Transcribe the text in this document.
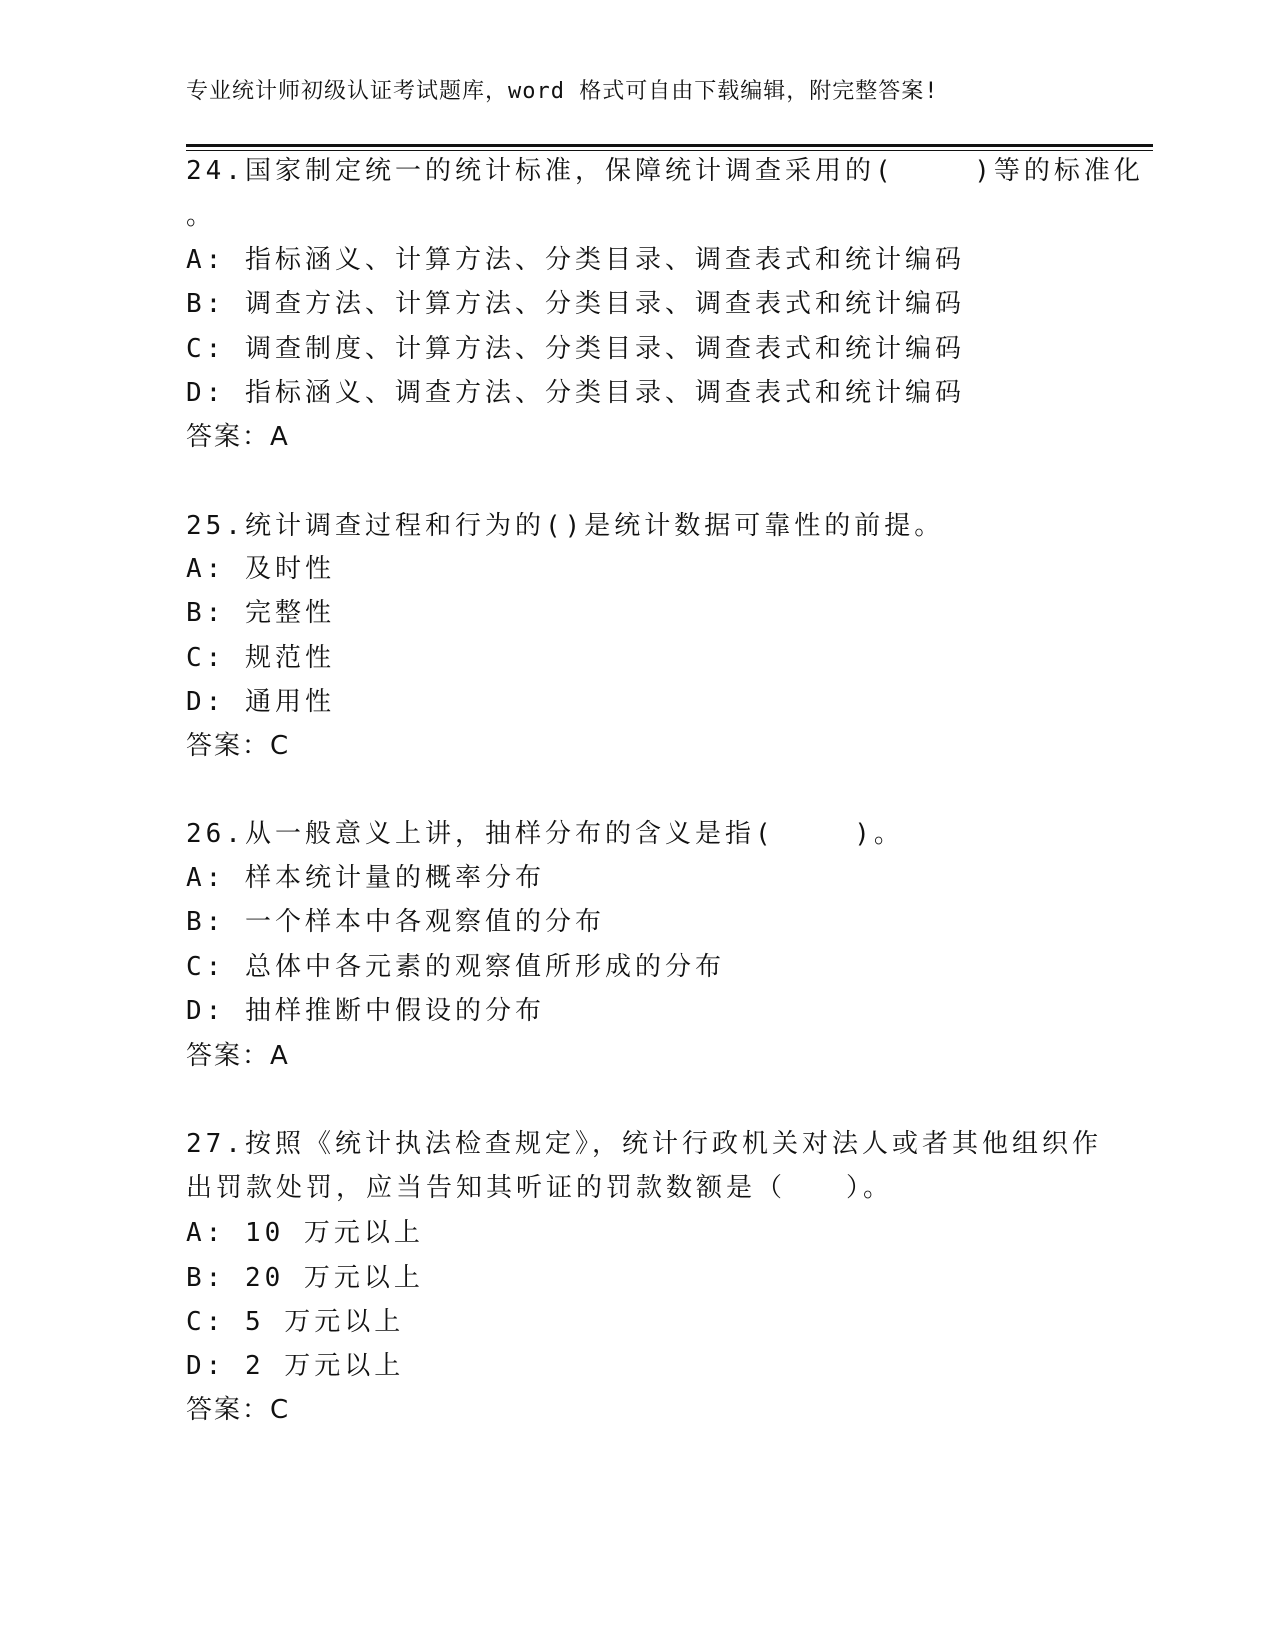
专业统计师初级认证考试题库，word 格式可自由下载编辑，附完整答案!
24.国家制定统一的统计标准，保障统计调查采用的(　　 )等的标准化
。
A: 指标涵义、计算方法、分类目录、调查表式和统计编码
B: 调查方法、计算方法、分类目录、调查表式和统计编码
C: 调查制度、计算方法、分类目录、调查表式和统计编码
D: 指标涵义、调查方法、分类目录、调查表式和统计编码
答案：A
25.统计调查过程和行为的()是统计数据可靠性的前提。
A: 及时性
B: 完整性
C: 规范性
D: 通用性
答案：C
26.从一般意义上讲，抽样分布的含义是指(　　 )。
A: 样本统计量的概率分布
B: 一个样本中各观察值的分布
C: 总体中各元素的观察值所形成的分布
D: 抽样推断中假设的分布
答案：A
27.按照《统计执法检查规定》，统计行政机关对法人或者其他组织作
出罚款处罚，应当告知其听证的罚款数额是（　　）。
A: 10 万元以上
B: 20 万元以上
C: 5 万元以上
D: 2 万元以上
答案：C
